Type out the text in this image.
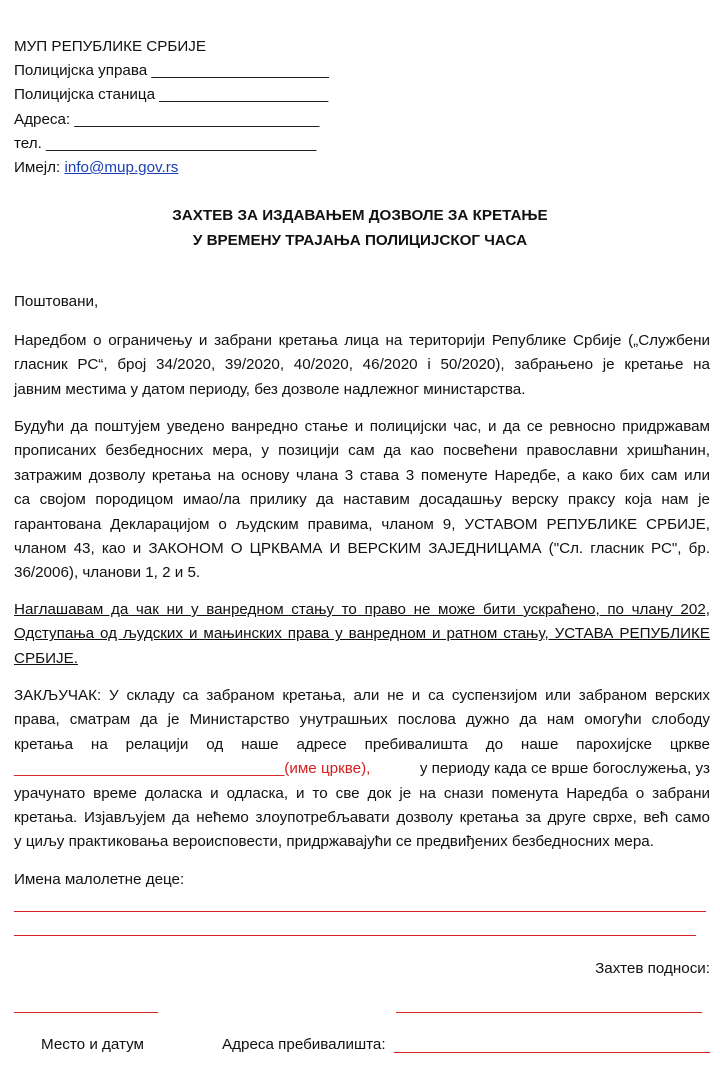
МУП РЕПУБЛИКЕ СРБИЈЕ
Полицијска управа _____________________
Полицијска станица ____________________
Адреса: _____________________________
тел. ________________________________
Имејл: info@mup.gov.rs
ЗАХТЕВ ЗА ИЗДАВАЊЕМ ДОЗВОЛЕ ЗА КРЕТАЊЕ
У ВРЕМЕНУ ТРАЈАЊА ПОЛИЦИЈСКОГ ЧАСА
Поштовани,
Наредбом о ограничењу и забрани кретања лица на територији Републике Србије („Службени
гласник РС“, број 34/2020, 39/2020, 40/2020, 46/2020 i 50/2020), забрањено је кретање на
јавним местима у датом периоду, без дозволе надлежног министарства.
Будући да поштујем уведено ванредно стање и полицијски час, и да се ревносно придржавам
прописаних безбедносних мера, у позицији сам да као посвећени православни хришћанин,
затражим дозволу кретања на основу члана 3 става 3 поменуте Наредбе, а како бих сам или
са својом породицом имао/ла прилику да наставим досадашњу верску праксу која нам је
гарантована Декларацијом о људским правима, чланом 9, УСТАВОМ РЕПУБЛИКЕ СРБИЈЕ,
чланом 43, као и ЗАКОНОМ О ЦРКВАМА И ВЕРСКИМ ЗАЈЕДНИЦАМА ("Сл. гласник РС", бр.
36/2006), чланови 1, 2 и 5.
Наглашавам да чак ни у ванредном стању то право не може бити ускраћено, по члану 202,
Одступања од људских и мањинских права у ванредном и ратном стању, УСТАВА РЕПУБЛИКЕ
СРБИЈЕ.
ЗАКЉУЧАК: У складу са забраном кретања, али не и са суспензијом или забраном верских
права, сматрам да је Министарство унутрашњих послова дужно да нам омогући слободу
кретања на релацији од наше адресе пребивалишта до наше парохијске цркве
________________________________(име цркве),	у периоду када се врше богослужења, уз
урачунато време доласка и одласка, и то све док је на снази поменута Наредба о забрани
кретања. Изјављујем да нећемо злоупотребљавати дозволу кретања за друге сврхе, већ само
у циљу практиковања вероисповести, придржавајући се предвиђених безбедносних мера.
Имена малолетне деце:
Захтев подноси:
Место и датум	Адреса пребивалишта:
